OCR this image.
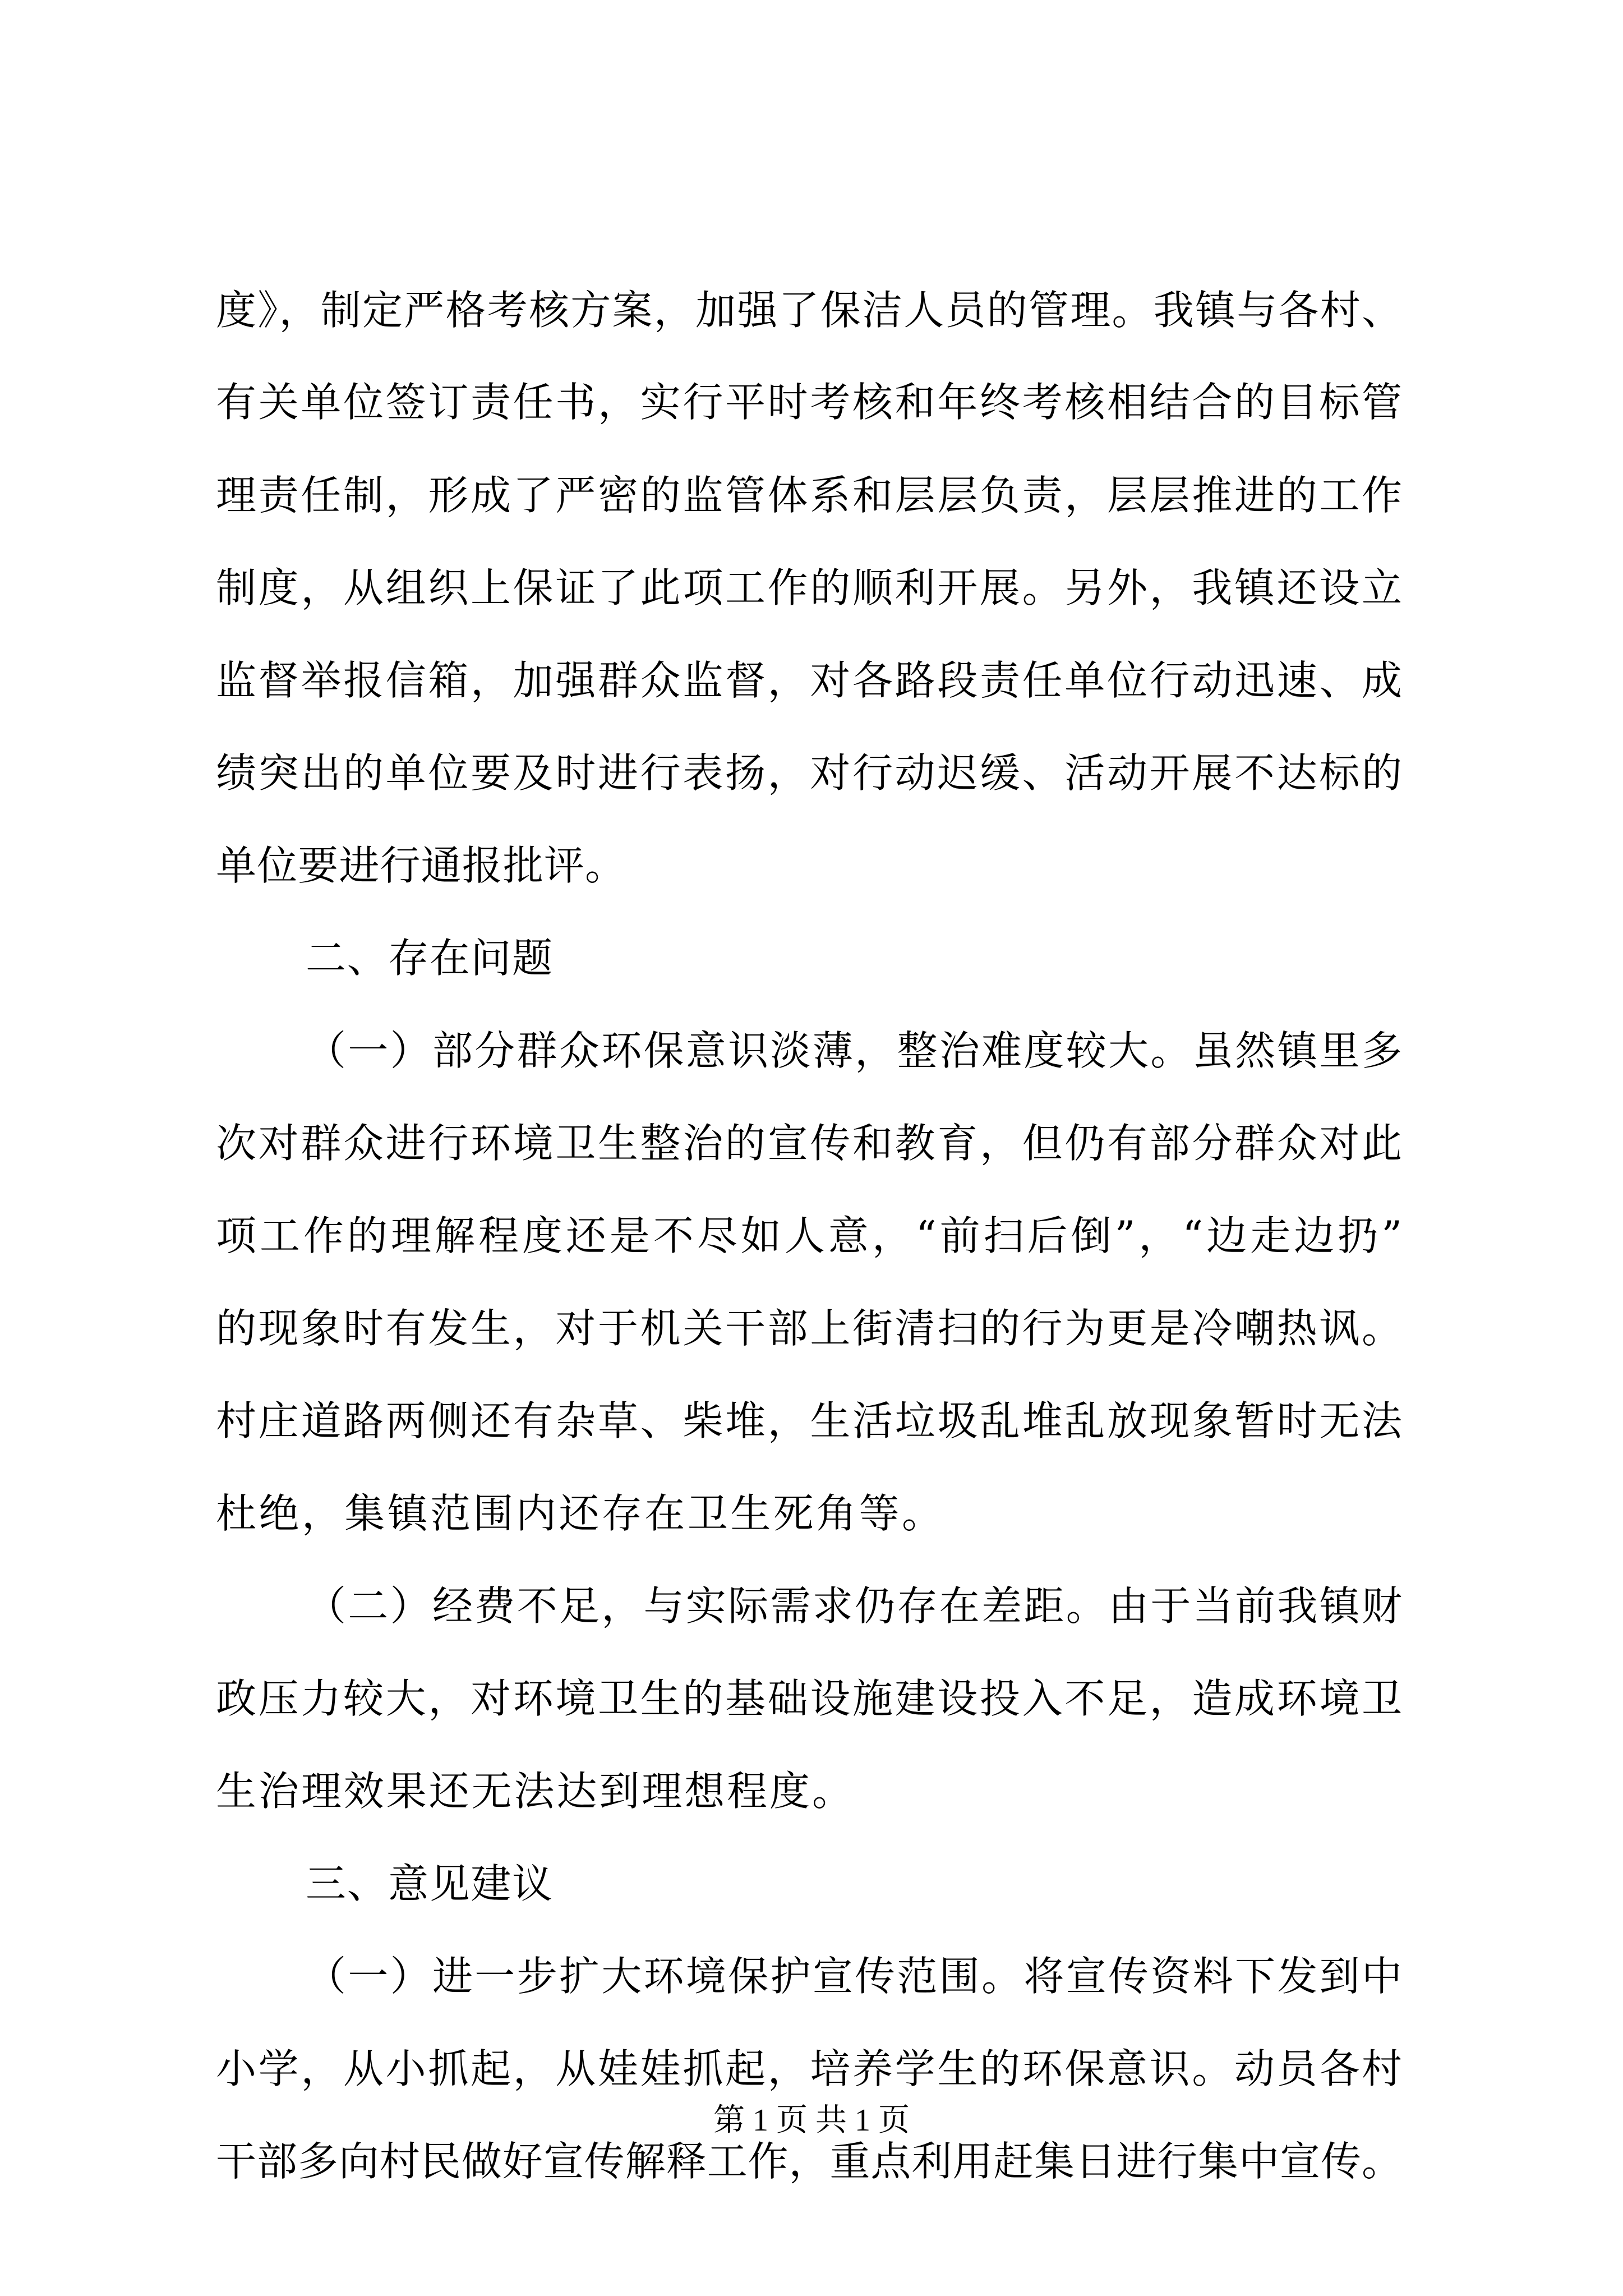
度》，制定严格考核方案，加强了保洁人员的管理。我镇与各村、
有关单位签订责任书，实行平时考核和年终考核相结合的目标管
理责任制，形成了严密的监管体系和层层负责，层层推进的工作
制度，从组织上保证了此项工作的顺利开展。另外，我镇还设立
监督举报信箱，加强群众监督，对各路段责任单位行动迅速、成
绩突出的单位要及时进行表扬，对行动迟缓、活动开展不达标的
单位要进行通报批评。
二、存在问题
（一）部分群众环保意识淡薄，整治难度较大。虽然镇里多
次对群众进行环境卫生整治的宣传和教育，但仍有部分群众对此
项工作的理解程度还是不尽如人意，“前扫后倒”，“边走边扔”
的现象时有发生，对于机关干部上街清扫的行为更是冷嘲热讽。
村庄道路两侧还有杂草、柴堆，生活垃圾乱堆乱放现象暂时无法
杜绝，集镇范围内还存在卫生死角等。
（二）经费不足，与实际需求仍存在差距。由于当前我镇财
政压力较大，对环境卫生的基础设施建设投入不足，造成环境卫
生治理效果还无法达到理想程度。
三、意见建议
（一）进一步扩大环境保护宣传范围。将宣传资料下发到中
小学，从小抓起，从娃娃抓起，培养学生的环保意识。动员各村
干部多向村民做好宣传解释工作，重点利用赶集日进行集中宣传。
第 1 页 共 1 页
